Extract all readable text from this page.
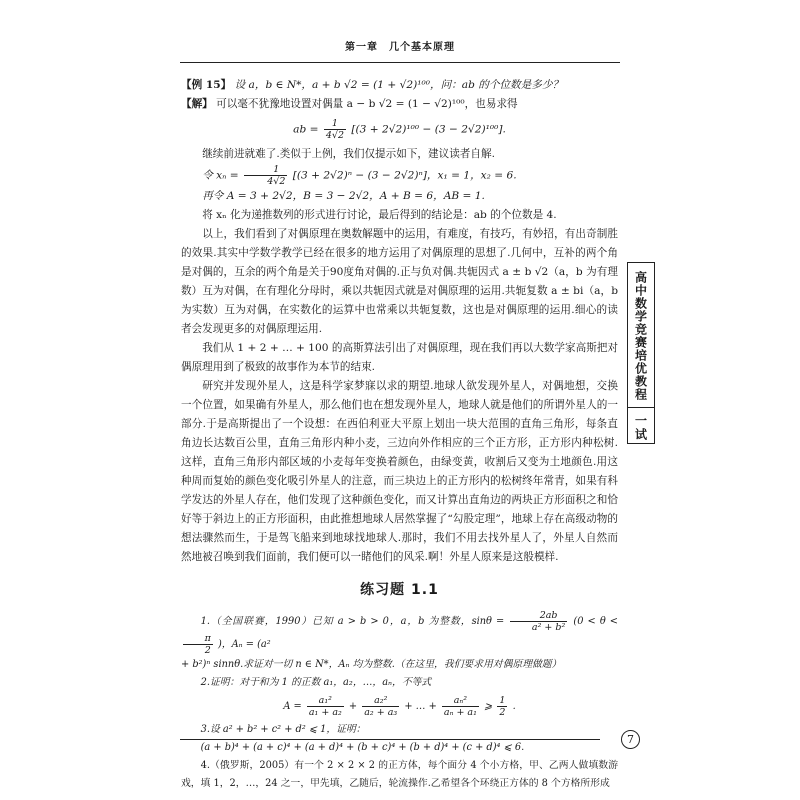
第一章　几个基本原理

【例 15】 设 a，b ∈ N*，a + b √2 = (1 + √2)¹⁰⁰，问：ab 的个位数是多少？

【解】 可以毫不犹豫地设置对偶量 a − b √2 = (1 − √2)¹⁰⁰，也易求得

ab = $\frac{1}{4√2} [(3 + 2√2)^{100} - (3 - 2√2)^{100}]$.

继续前进就难了.类似于上例，我们仅提示如下，建议读者自解.

令 $x_n = \frac{1}{4√2} [(3 + 2√2)^n - (3 - 2√2)^n]$，x₁ = 1，x₂ = 6.

再令 A = 3 + 2√2，B = 3 − 2√2，A + B = 6，AB = 1.

将 xₙ 化为递推数列的形式进行讨论，最后得到的结论是：ab 的个位数是 4.

以上，我们看到了对偶原理在奥数解题中的运用，有难度，有技巧，有妙招，有出奇制胜的效果.其实中学数学教学已经在很多的地方运用了对偶原理的思想了.几何中，互补的两个角是对偶的，互余的两个角是关于90度角对偶的.正与负对偶.共轭因式 a ± b √2（a，b 为有理数）互为对偶，在有理化分母时，乘以共轭因式就是对偶原理的运用.共轭复数 a ± bi（a，b 为实数）互为对偶，在实数化的运算中也常乘以共轭复数，这也是对偶原理的运用.细心的读者会发现更多的对偶原理运用.

我们从 1 + 2 + … + 100 的高斯算法引出了对偶原理，现在我们再以大数学家高斯把对偶原理用到了极致的故事作为本节的结束.

研究并发现外星人，这是科学家梦寐以求的期望.地球人欲发现外星人，对偶地想，交换一个位置，如果确有外星人，那么他们也在想发现外星人，地球人就是他们的所谓外星人的一部分.于是高斯提出了一个设想：在西伯利亚大平原上划出一块大范围的直角三角形，每条直角边长达数百公里，直角三角形内种小麦，三边向外作相应的三个正方形，正方形内种松树.这样，直角三角形内部区域的小麦每年变换着颜色，由绿变黄，收割后又变为土地颜色.用这种周而复始的颜色变化吸引外星人的注意，而三块边上的正方形内的松树终年常青，如果有科学发达的外星人存在，他们发现了这种颜色变化，而又计算出直角边的两块正方形面积之和恰好等于斜边上的正方形面积，由此推想地球人居然掌握了“勾股定理”，地球上存在高级动物的想法骤然而生，于是驾飞船来到地球找地球人.那时，我们不用去找外星人了，外星人自然而然地被召唤到我们面前，我们便可以一睹他们的风采.啊！外星人原来是这般模样.

练习题 1.1

1.（全国联赛，1990）已知 a > b > 0，a，b 为整数，$\sin\theta = \frac{2ab}{\text{a² + b²}} (0 < \theta$ <
$\frac{\pi}{2}$ )，Aₙ = (a²

+ b²)ⁿ sinnθ.求证对一切 n ∈ N*，Aₙ 均为整数.（在这里，我们要求用对偶原理做题）

2.证明：对于和为 1 的正数 a₁，a₂，…，aₙ，不等式

$A = \frac{\text{a₁²}}{\text{a₁ + a₂}} + \frac{\text{a₂²}}{\text{a₂ + a₃}}$ + … + $\frac{\text{aₙ²}}{\text{aₙ + a₁}}$ ⩾ $\frac{1}{2}$ .

3.设 a² + b² + c² + d² ⩽ 1，证明：

(a + b)⁴ + (a + c)⁴ + (a + d)⁴ + (b + c)⁴ + (b + d)⁴ + (c + d)⁴ ⩽ 6.

4.（俄罗斯，2005）有一个 2 × 2 × 2 的正方体，每个面分 4 个小方格，甲、乙两人做填数游戏，填 1，2，…，24 之一，甲先填，乙随后，轮流操作.乙希望各个环绕正方体的 8 个方格所形成

高中数学竞赛培优教程
一试
7
